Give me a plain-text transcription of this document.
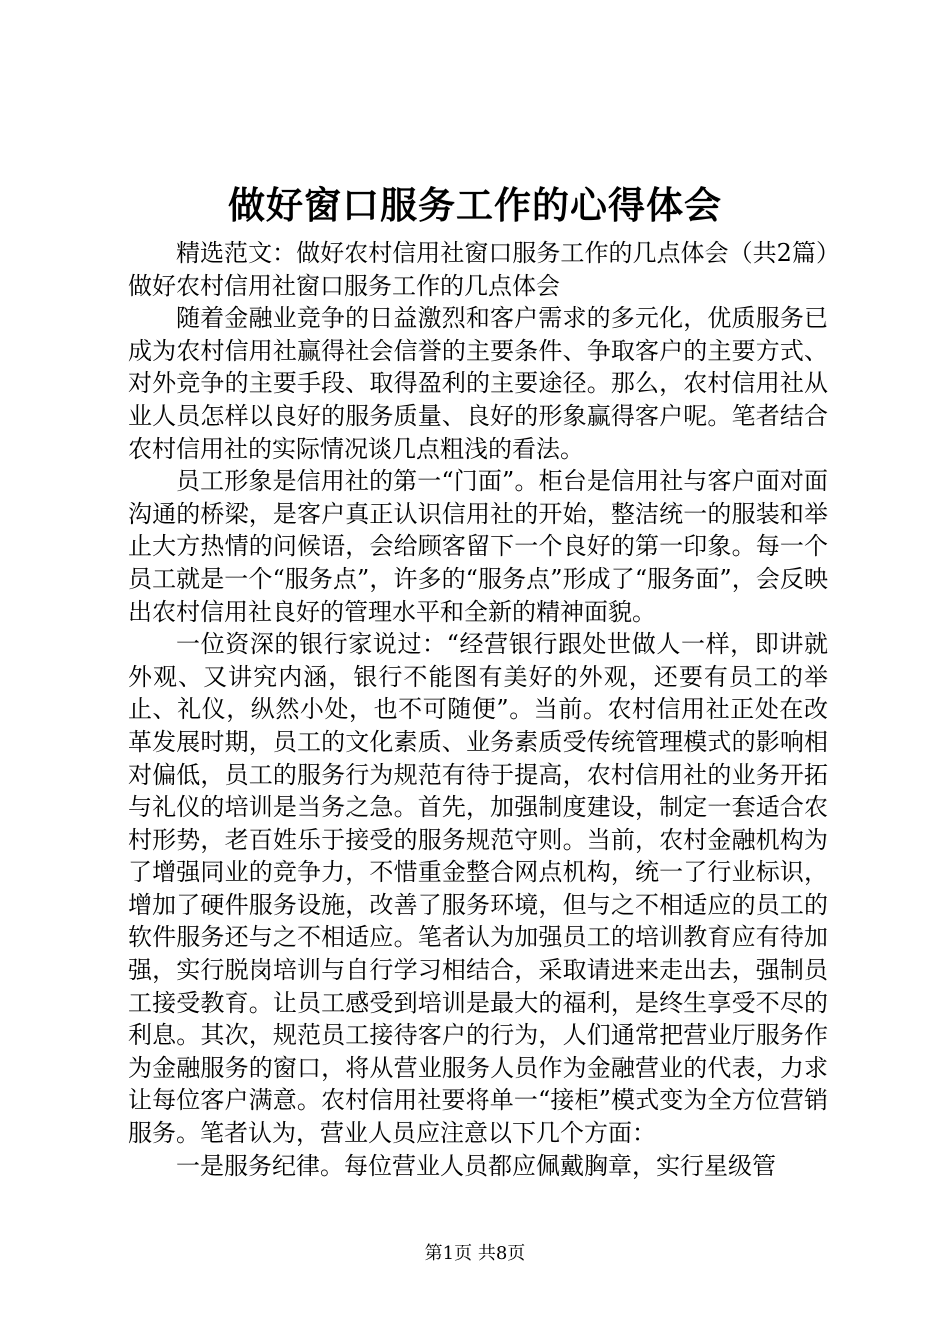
做好窗口服务工作的心得体会

精选范文：做好农村信用社窗口服务工作的几点体会（共2篇）做好农村信用社窗口服务工作的几点体会

随着金融业竞争的日益激烈和客户需求的多元化，优质服务已成为农村信用社赢得社会信誉的主要条件、争取客户的主要方式、对外竞争的主要手段、取得盈利的主要途径。那么，农村信用社从业人员怎样以良好的服务质量、良好的形象赢得客户呢。笔者结合农村信用社的实际情况谈几点粗浅的看法。

员工形象是信用社的第一“门面”。柜台是信用社与客户面对面沟通的桥梁，是客户真正认识信用社的开始，整洁统一的服装和举止大方热情的问候语，会给顾客留下一个良好的第一印象。每一个员工就是一个“服务点”，许多的“服务点”形成了“服务面”，会反映出农村信用社良好的管理水平和全新的精神面貌。

一位资深的银行家说过：“经营银行跟处世做人一样，即讲就外观、又讲究内涵，银行不能图有美好的外观，还要有员工的举止、礼仪，纵然小处，也不可随便”。当前。农村信用社正处在改革发展时期，员工的文化素质、业务素质受传统管理模式的影响相对偏低，员工的服务行为规范有待于提高，农村信用社的业务开拓与礼仪的培训是当务之急。首先，加强制度建设，制定一套适合农村形势，老百姓乐于接受的服务规范守则。当前，农村金融机构为了增强同业的竞争力，不惜重金整合网点机构，统一了行业标识，增加了硬件服务设施，改善了服务环境，但与之不相适应的员工的软件服务还与之不相适应。笔者认为加强员工的培训教育应有待加强，实行脱岗培训与自行学习相结合，采取请进来走出去，强制员工接受教育。让员工感受到培训是最大的福利，是终生享受不尽的利息。其次，规范员工接待客户的行为，人们通常把营业厅服务作为金融服务的窗口，将从营业服务人员作为金融营业的代表，力求让每位客户满意。农村信用社要将单一“接柜”模式变为全方位营销服务。笔者认为，营业人员应注意以下几个方面：

一是服务纪律。每位营业人员都应佩戴胸章，实行星级管

第1页 共8页
